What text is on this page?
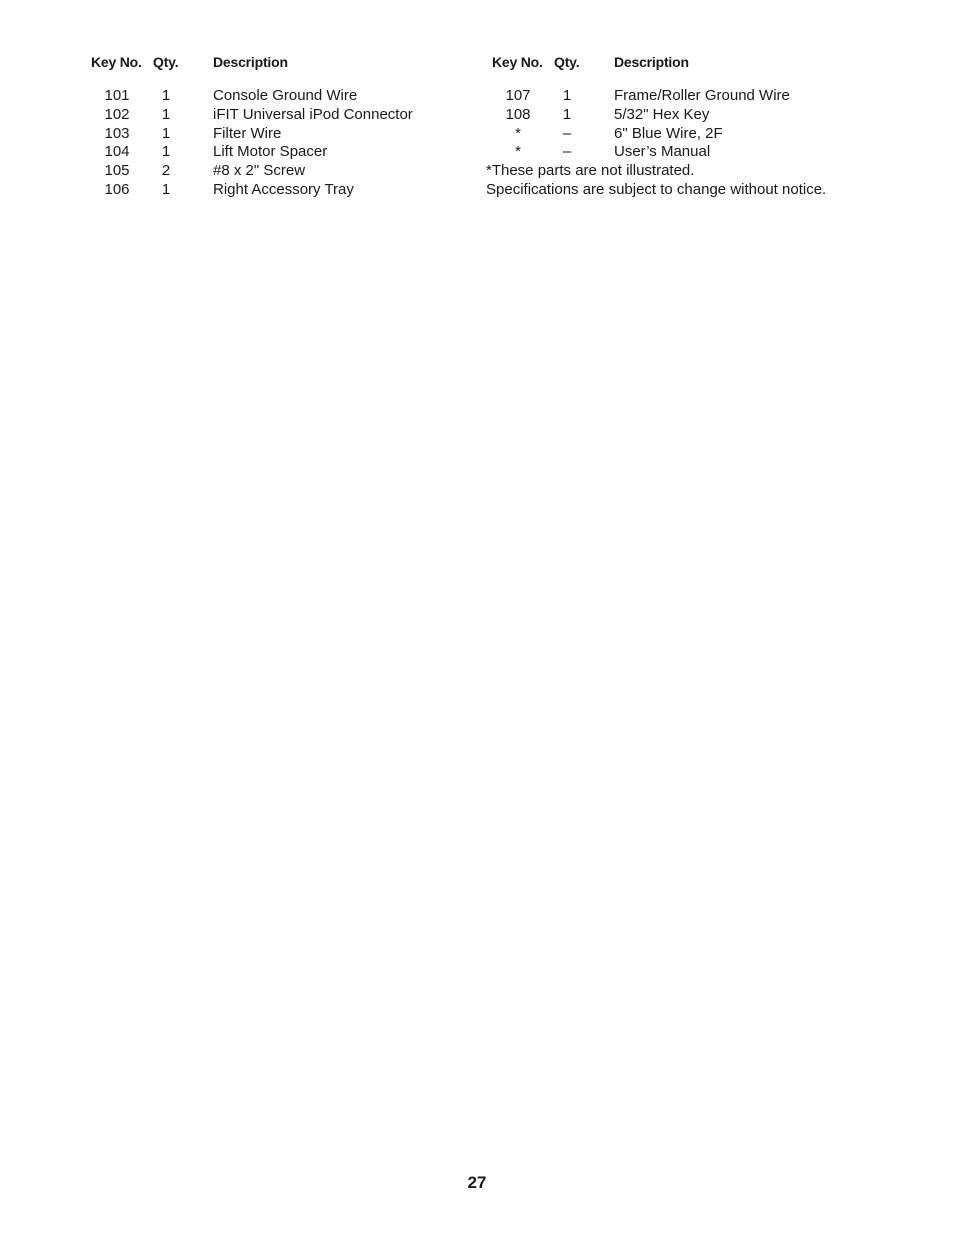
Key No. Qty. Description
101	1	Console Ground Wire
102	1	iFIT Universal iPod Connector
103	1	Filter Wire
104	1	Lift Motor Spacer
105	2	#8 x 2" Screw
106	1	Right Accessory Tray
Key No. Qty. Description
107	1	Frame/Roller Ground Wire
108	1	5/32" Hex Key
*	–	6" Blue Wire, 2F
*	–	User’s Manual
*These parts are not illustrated.
Specifications are subject to change without notice.
27
